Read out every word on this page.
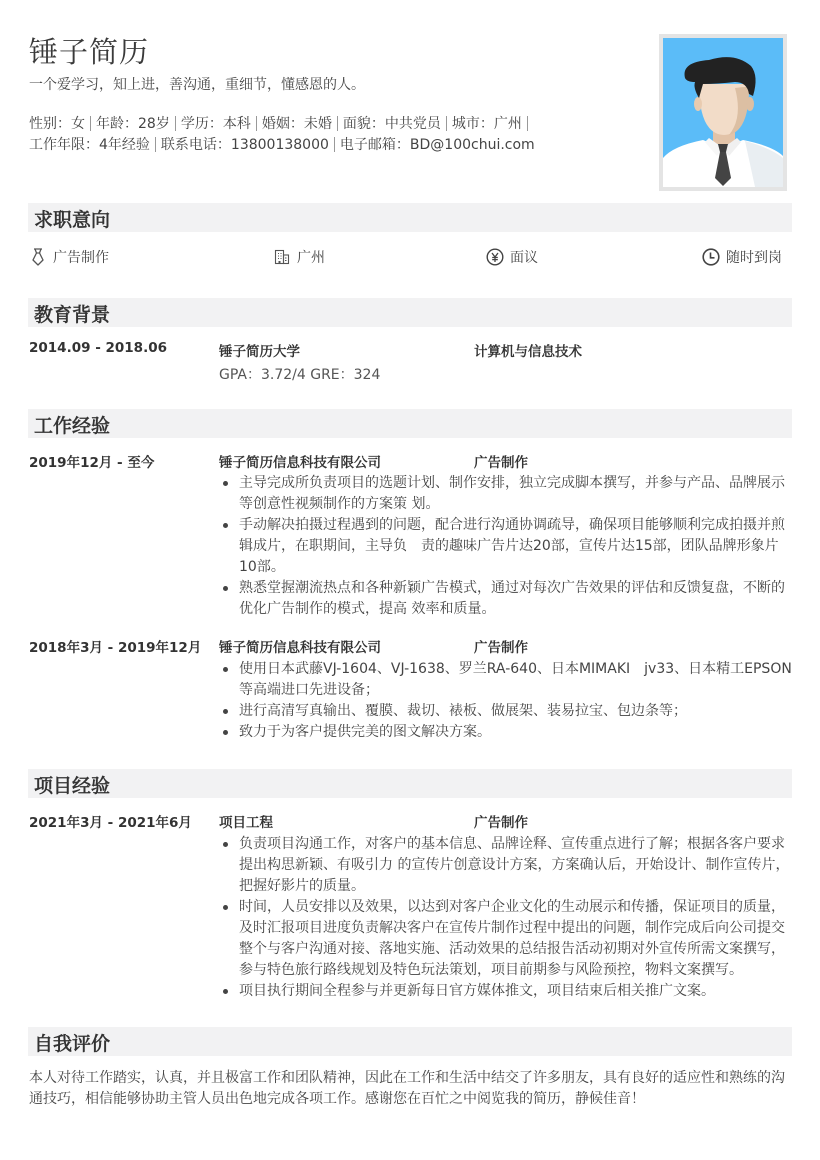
锤子简历
一个爱学习，知上进，善沟通，重细节，懂感恩的人。
性别：女 年龄：28岁 学历：本科 婚姻：未婚 面貌：中共党员 城市：广州
工作年限：4年经验 联系电话：13800138000 电子邮箱：BD@100chui.com
求职意向
广告制作	广州	面议	随时到岗
教育背景
2014.09 - 2018.06	锤子简历大学	计算机与信息技术
GPA：3.72/4 GRE：324
工作经验
2019年12月 - 至今	锤子简历信息科技有限公司	广告制作
主导完成所负责项目的选题计划、制作安排，独立完成脚本撰写，并参与产品、品牌展示等创意性视频制作的方案策 划。
手动解决拍摄过程遇到的问题，配合进行沟通协调疏导，确保项目能够顺利完成拍摄并煎辑成片，在职期间，主导负　责的趣味广告片达20部，宣传片达15部，团队品牌形象片10部。
熟悉堂握潮流热点和各种新颖广告模式，通过对每次广告效果的评估和反馈复盘，不断的优化广告制作的模式，提高 效率和质量。
2018年3月 - 2019年12月 锤子简历信息科技有限公司	广告制作
使用日本武藤VJ-1604、VJ-1638、罗兰RA-640、日本MIMAKI　jv33、日本精工EPSON等高端进口先进设备；
进行高清写真输出、覆膜、裁切、裱板、做展架、装易拉宝、包边条等；
致力于为客户提供完美的图文解决方案。
项目经验
2021年3月 - 2021年6月 项目工程	广告制作
负责项目沟通工作，对客户的基本信息、品牌诠释、宣传重点进行了解；根据各客户要求提出构思新颖、有吸引力 的宣传片创意设计方案，方案确认后，开始设计、制作宣传片，把握好影片的质量。
时间，人员安排以及效果，以达到对客户企业文化的生动展示和传播，保证项目的质量，及时汇报项目进度负责解决客户在宣传片制作过程中提出的问题，制作完成后向公司提交整个与客户沟通对接、落地实施、活动效果的总结报告活动初期对外宣传所需文案撰写，参与特色旅行路线规划及特色玩法策划，项目前期参与风险预控，物料文案撰写。
项目执行期间全程参与并更新每日官方媒体推文，项目结束后相关推广文案。
自我评价
本人对待工作踏实，认真，并且极富工作和团队精神，因此在工作和生活中结交了许多朋友，具有良好的适应性和熟练的沟通技巧，相信能够协助主管人员出色地完成各项工作。感谢您在百忙之中阅览我的简历，静候佳音！
